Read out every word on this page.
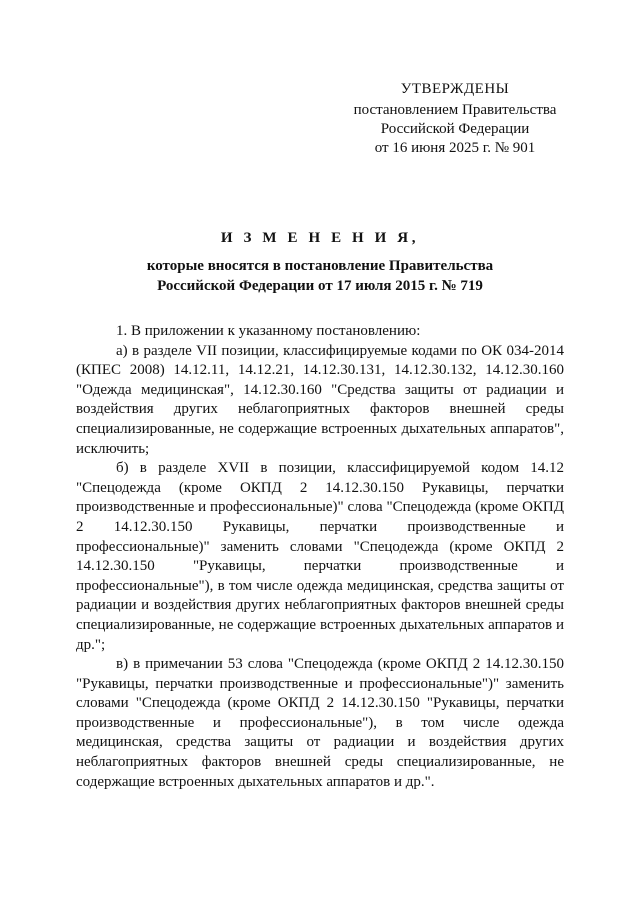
УТВЕРЖДЕНЫ
постановлением Правительства
Российской Федерации
от 16 июня 2025 г. № 901
И З М Е Н Е Н И Я,
которые вносятся в постановление Правительства
Российской Федерации от 17 июля 2015 г. № 719

1. В приложении к указанному постановлению:

а) в разделе VII позиции, классифицируемые кодами по ОК 034-2014 (КПЕС 2008) 14.12.11, 14.12.21, 14.12.30.131, 14.12.30.132, 14.12.30.160 "Одежда медицинская", 14.12.30.160 "Средства защиты от радиации и воздействия других неблагоприятных факторов внешней среды специализированные, не содержащие встроенных дыхательных аппаратов", исключить;

б) в разделе XVII в позиции, классифицируемой кодом 14.12 "Спецодежда (кроме ОКПД 2 14.12.30.150 Рукавицы, перчатки производственные и профессиональные)" слова "Спецодежда (кроме ОКПД 2 14.12.30.150 Рукавицы, перчатки производственные и профессиональные)" заменить словами "Спецодежда (кроме ОКПД 2 14.12.30.150 "Рукавицы, перчатки производственные и профессиональные"), в том числе одежда медицинская, средства защиты от радиации и воздействия других неблагоприятных факторов внешней среды специализированные, не содержащие встроенных дыхательных аппаратов и др.";

в) в примечании 53 слова "Спецодежда (кроме ОКПД 2 14.12.30.150 "Рукавицы, перчатки производственные и профессиональные")" заменить словами "Спецодежда (кроме ОКПД 2 14.12.30.150 "Рукавицы, перчатки производственные и профессиональные"), в том числе одежда медицинская, средства защиты от радиации и воздействия других неблагоприятных факторов внешней среды специализированные, не содержащие встроенных дыхательных аппаратов и др.".
